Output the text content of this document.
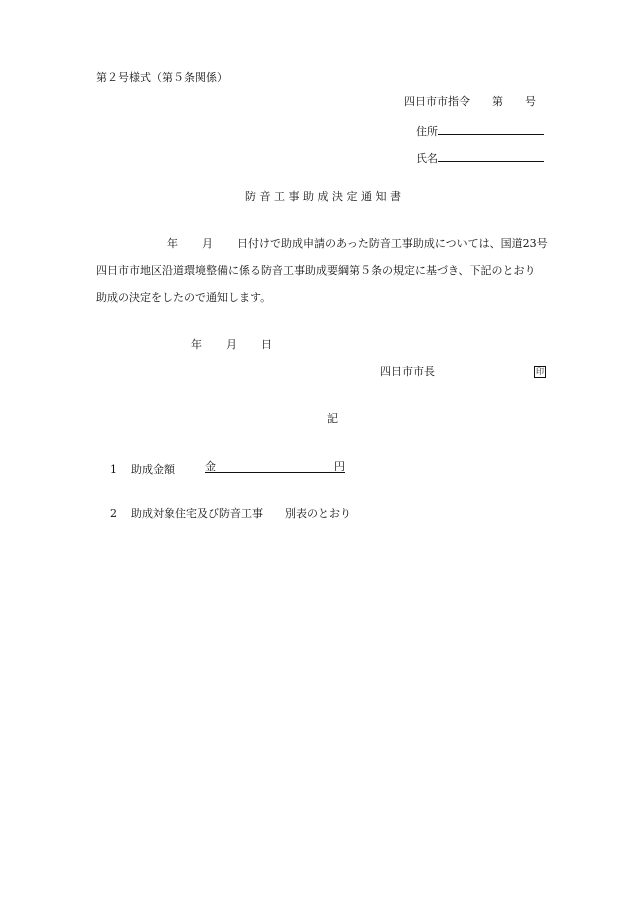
第２号様式（第５条関係）
四日市市指令 第 号
住所
氏名
防 音 工 事 助 成 決 定 通 知 書
年 月 日付けで助成申請のあった防音工事助成については、国道23号
四日市市地区沿道環境整備に係る防音工事助成要綱第５条の規定に基づき、下記のとおり
助成の決定をしたので通知します。
年 月 日
四日市市長	印
記
1 助成金額	金	円
2 助成対象住宅及び防音工事 別表のとおり
